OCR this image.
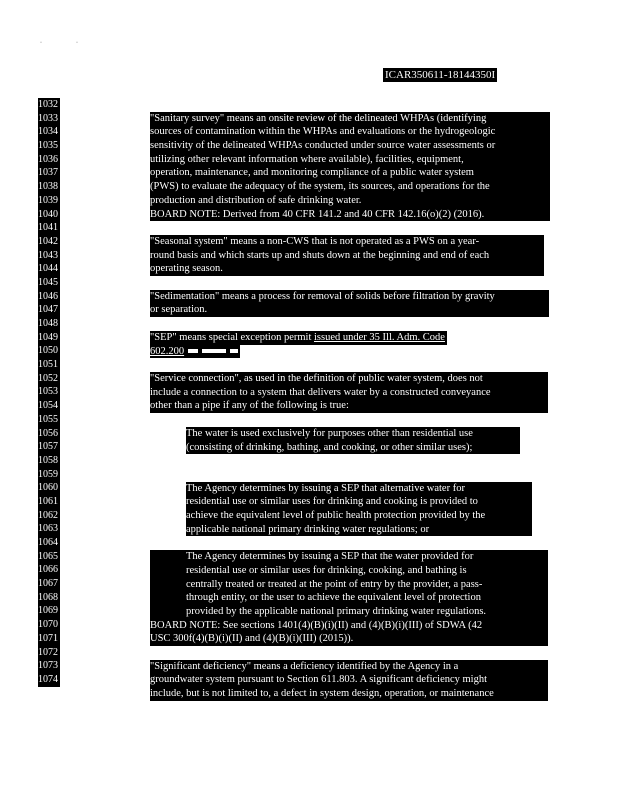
·	·
ICAR350611-18144350I
1032
1033
1034
1035
1036
1037
1038
1039
1040
1041
1042
1043
1044
1045
1046
1047
1048
1049
1050
1051
1052
1053
1054
1055
1056
1057
1058
1059
1060
1061
1062
1063
1064
1065
1066
1067
1068
1069
1070
1071
1072
1073
1074
"Sanitary survey" means an onsite review of the delineated WHPAs (identifying
sources of contamination within the WHPAs and evaluations or the hydrogeologic
sensitivity of the delineated WHPAs conducted under source water assessments or
utilizing other relevant information where available), facilities, equipment,
operation, maintenance, and monitoring compliance of a public water system
(PWS) to evaluate the adequacy of the system, its sources, and operations for the
production and distribution of safe drinking water.
BOARD NOTE: Derived from 40 CFR 141.2 and 40 CFR 142.16(o)(2) (2016).
"Seasonal system" means a non-CWS that is not operated as a PWS on a year-
round basis and which starts up and shuts down at the beginning and end of each
operating season.
"Sedimentation" means a process for removal of solids before filtration by gravity
or separation.
"SEP" means special exception permit issued under 35 Ill. Adm. Code
602.200
"Service connection", as used in the definition of public water system, does not
include a connection to a system that delivers water by a constructed conveyance
other than a pipe if any of the following is true:
The water is used exclusively for purposes other than residential use
(consisting of drinking, bathing, and cooking, or other similar uses);
The Agency determines by issuing a SEP that alternative water for
residential use or similar uses for drinking and cooking is provided to
achieve the equivalent level of public health protection provided by the
applicable national primary drinking water regulations; or
The Agency determines by issuing a SEP that the water provided for
residential use or similar uses for drinking, cooking, and bathing is
centrally treated or treated at the point of entry by the provider, a pass-
through entity, or the user to achieve the equivalent level of protection
provided by the applicable national primary drinking water regulations.
BOARD NOTE: See sections 1401(4)(B)(i)(II) and (4)(B)(i)(III) of SDWA (42
USC 300f(4)(B)(i)(II) and (4)(B)(i)(III) (2015)).
"Significant deficiency" means a deficiency identified by the Agency in a
groundwater system pursuant to Section 611.803. A significant deficiency might
include, but is not limited to, a defect in system design, operation, or maintenance
